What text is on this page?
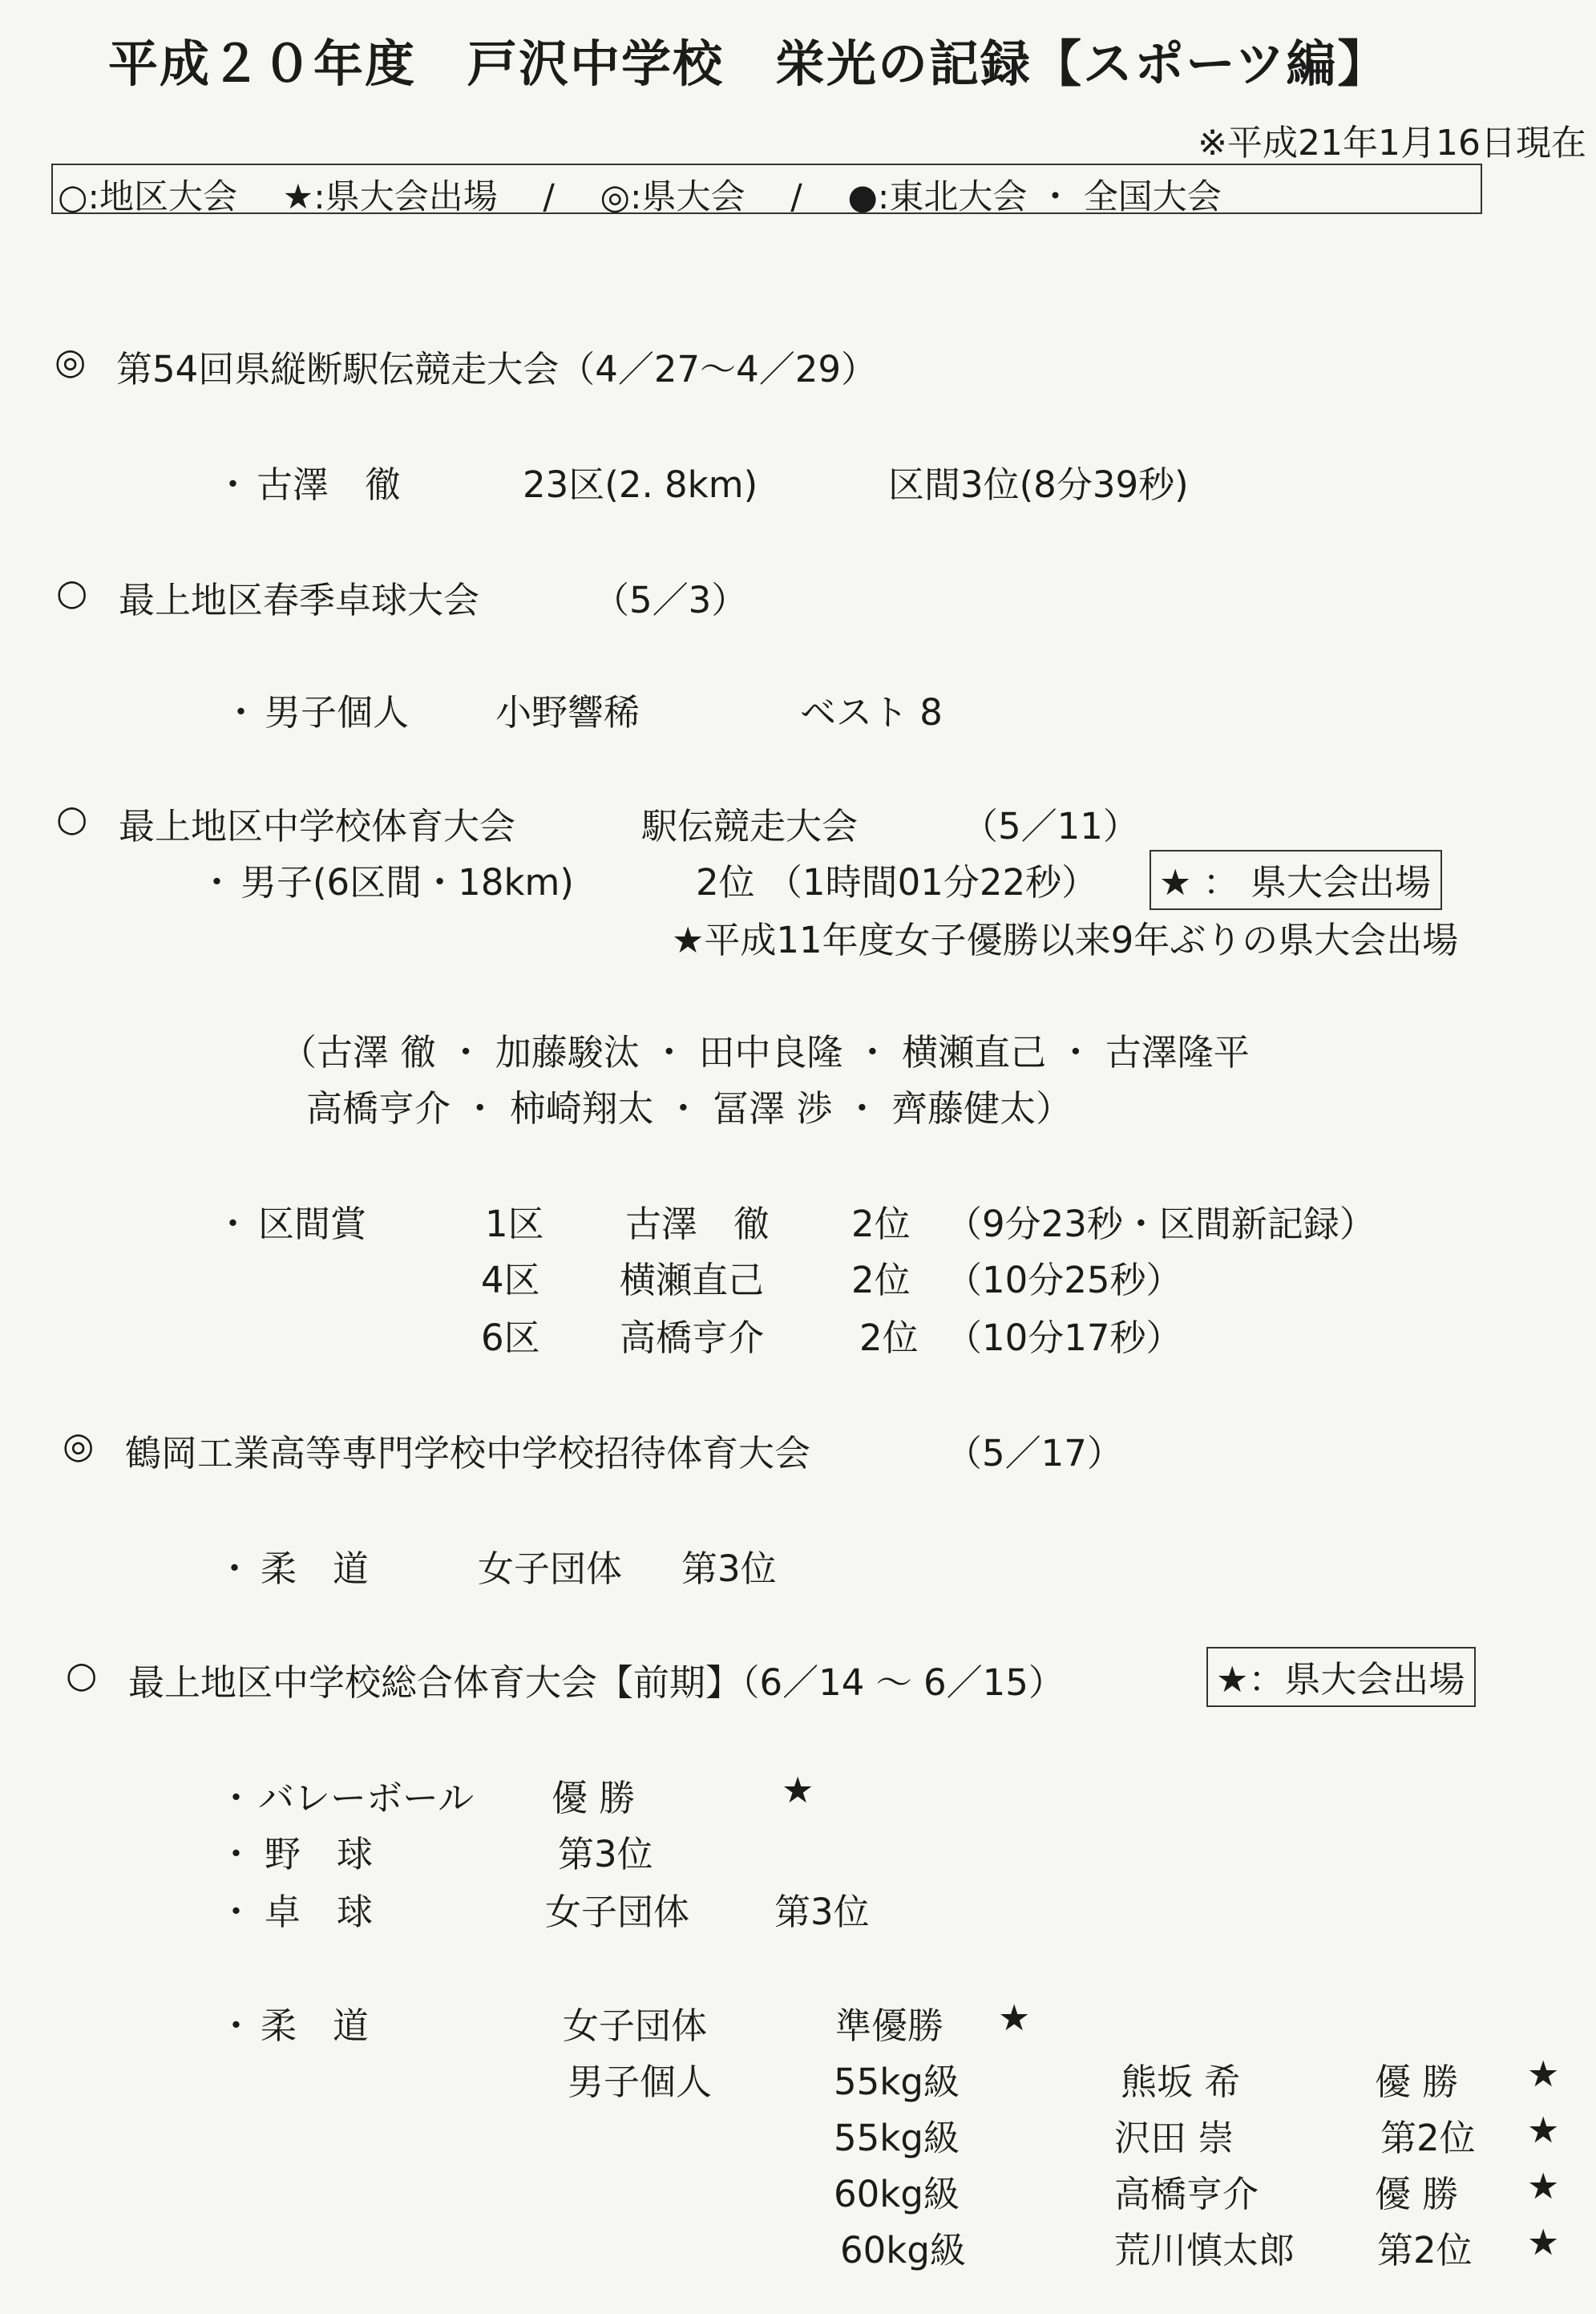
平成２０年度　戸沢中学校　栄光の記録【スポーツ編】
※平成21年1月16日現在
○:地区大会　 ★:県大会出場　 /　 ◎:県大会　 /　 ●:東北大会 ・ 全国大会
◎ 第54回県縦断駅伝競走大会（4／27～4／29）
・ 古澤　徹	23区(2. 8km)	区間3位(8分39秒)
○ 最上地区春季卓球大会	（5／3）
・ 男子個人 小野響稀	ベスト 8
○ 最上地区中学校体育大会	駅伝競走大会	（5／11）
・ 男子(6区間・18km)	2位 （1時間01分22秒） ★ ： 県大会出場
★平成11年度女子優勝以来9年ぶりの県大会出場
（古澤 徹 ・ 加藤駿汰 ・ 田中良隆 ・ 横瀬直己 ・ 古澤隆平
高橋亨介 ・ 柿崎翔太 ・ 冨澤 渉 ・ 齊藤健太）
・ 区間賞	1区 古澤　徹 2位 （9分23秒・区間新記録）
4区 横瀬直己 2位 （10分25秒）
6区 高橋亨介	2位 （10分17秒）
◎ 鶴岡工業高等専門学校中学校招待体育大会	（5／17）
・ 柔　道	女子団体 第3位
○ 最上地区中学校総合体育大会【前期】（6／14 ～ 6／15）	★：県大会出場
・ バレーボール 優 勝	★
・ 野　球	第3位
・ 卓　球	女子団体 第3位
・ 柔　道	女子団体	準優勝 ★
男子個人	55kg級	熊坂 希	優 勝 ★
55kg級	沢田 崇	第2位 ★
60kg級	高橋亨介	優 勝 ★
60kg級	荒川慎太郎 第2位 ★
